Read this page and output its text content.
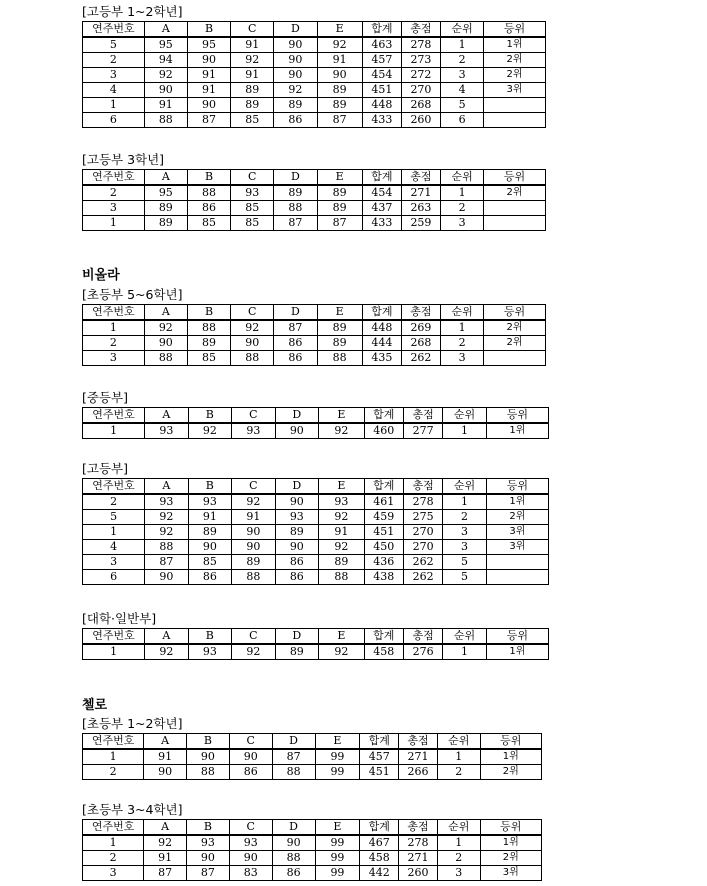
비올라
첼로
[고등부 1~2학년]
연주번호	A	B	C	D	E	합계	총점	순위	등위
5	95	95	91	90	92	463	278	1	1위
2	94	90	92	90	91	457	273	2	2위
3	92	91	91	90	90	454	272	3	2위
4	90	91	89	92	89	451	270	4	3위
1	91	90	89	89	89	448	268	5	
6	88	87	85	86	87	433	260	6	
[고등부 3학년]
연주번호	A	B	C	D	E	합계	총점	순위	등위
2	95	88	93	89	89	454	271	1	2위
3	89	86	85	88	89	437	263	2	
1	89	85	85	87	87	433	259	3	
[초등부 5~6학년]
연주번호	A	B	C	D	E	합계	총점	순위	등위
1	92	88	92	87	89	448	269	1	2위
2	90	89	90	86	89	444	268	2	2위
3	88	85	88	86	88	435	262	3	
[중등부]
연주번호	A	B	C	D	E	합계	총점	순위	등위
1	93	92	93	90	92	460	277	1	1위
[고등부]
연주번호	A	B	C	D	E	합계	총점	순위	등위
2	93	93	92	90	93	461	278	1	1위
5	92	91	91	93	92	459	275	2	2위
1	92	89	90	89	91	451	270	3	3위
4	88	90	90	90	92	450	270	3	3위
3	87	85	89	86	89	436	262	5	
6	90	86	88	86	88	438	262	5	
[대학·일반부]
연주번호	A	B	C	D	E	합계	총점	순위	등위
1	92	93	92	89	92	458	276	1	1위
[초등부 1~2학년]
연주번호	A	B	C	D	E	합계	총점	순위	등위
1	91	90	90	87	99	457	271	1	1위
2	90	88	86	88	99	451	266	2	2위
[초등부 3~4학년]
연주번호	A	B	C	D	E	합계	총점	순위	등위
1	92	93	93	90	99	467	278	1	1위
2	91	90	90	88	99	458	271	2	2위
3	87	87	83	86	99	442	260	3	3위
